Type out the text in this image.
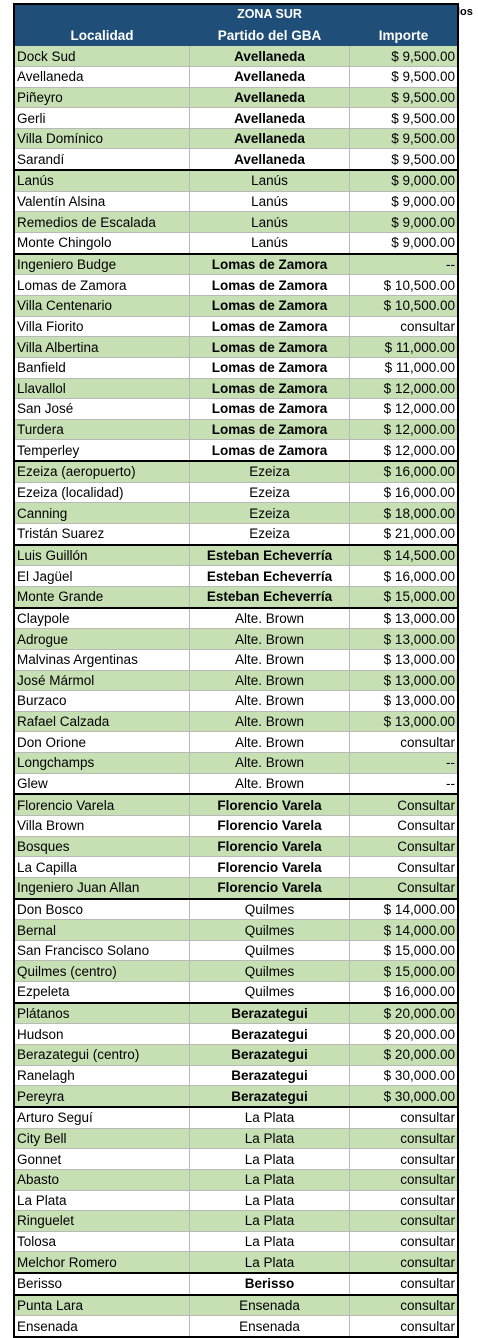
	ZONA SUR	
Localidad	Partido del GBA	Importe
Dock Sud	Avellaneda	$ 9,500.00
Avellaneda	Avellaneda	$ 9,500.00
Piñeyro	Avellaneda	$ 9,500.00
Gerli	Avellaneda	$ 9,500.00
Villa Domínico	Avellaneda	$ 9,500.00
Sarandí	Avellaneda	$ 9,500.00
Lanús	Lanús	$ 9,000.00
Valentín Alsina	Lanús	$ 9,000.00
Remedios de Escalada	Lanús	$ 9,000.00
Monte Chingolo	Lanús	$ 9,000.00
Ingeniero Budge	Lomas de Zamora	--
Lomas de Zamora	Lomas de Zamora	$ 10,500.00
Villa Centenario	Lomas de Zamora	$ 10,500.00
Villa Fiorito	Lomas de Zamora	consultar
Villa Albertina	Lomas de Zamora	$ 11,000.00
Banfield	Lomas de Zamora	$ 11,000.00
Llavallol	Lomas de Zamora	$ 12,000.00
San José	Lomas de Zamora	$ 12,000.00
Turdera	Lomas de Zamora	$ 12,000.00
Temperley	Lomas de Zamora	$ 12,000.00
Ezeiza (aeropuerto)	Ezeiza	$ 16,000.00
Ezeiza (localidad)	Ezeiza	$ 16,000.00
Canning	Ezeiza	$ 18,000.00
Tristán Suarez	Ezeiza	$ 21,000.00
Luis Guillón	Esteban Echeverría	$ 14,500.00
El Jagüel	Esteban Echeverría	$ 16,000.00
Monte Grande	Esteban Echeverría	$ 15,000.00
Claypole	Alte. Brown	$ 13,000.00
Adrogue	Alte. Brown	$ 13,000.00
Malvinas Argentinas	Alte. Brown	$ 13,000.00
José Mármol	Alte. Brown	$ 13,000.00
Burzaco	Alte. Brown	$ 13,000.00
Rafael Calzada	Alte. Brown	$ 13,000.00
Don Orione	Alte. Brown	consultar
Longchamps	Alte. Brown	--
Glew	Alte. Brown	--
Florencio Varela	Florencio Varela	Consultar
Villa Brown	Florencio Varela	Consultar
Bosques	Florencio Varela	Consultar
La Capilla	Florencio Varela	Consultar
Ingeniero Juan Allan	Florencio Varela	Consultar
Don Bosco	Quilmes	$ 14,000.00
Bernal	Quilmes	$ 14,000.00
San Francisco Solano	Quilmes	$ 15,000.00
Quilmes (centro)	Quilmes	$ 15,000.00
Ezpeleta	Quilmes	$ 16,000.00
Plátanos	Berazategui	$ 20,000.00
Hudson	Berazategui	$ 20,000.00
Berazategui (centro)	Berazategui	$ 20,000.00
Ranelagh	Berazategui	$ 30,000.00
Pereyra	Berazategui	$ 30,000.00
Arturo Seguí	La Plata	consultar
City Bell	La Plata	consultar
Gonnet	La Plata	consultar
Abasto	La Plata	consultar
La Plata	La Plata	consultar
Ringuelet	La Plata	consultar
Tolosa	La Plata	consultar
Melchor Romero	La Plata	consultar
Berisso	Berisso	consultar
Punta Lara	Ensenada	consultar
Ensenada	Ensenada	consultar
los
